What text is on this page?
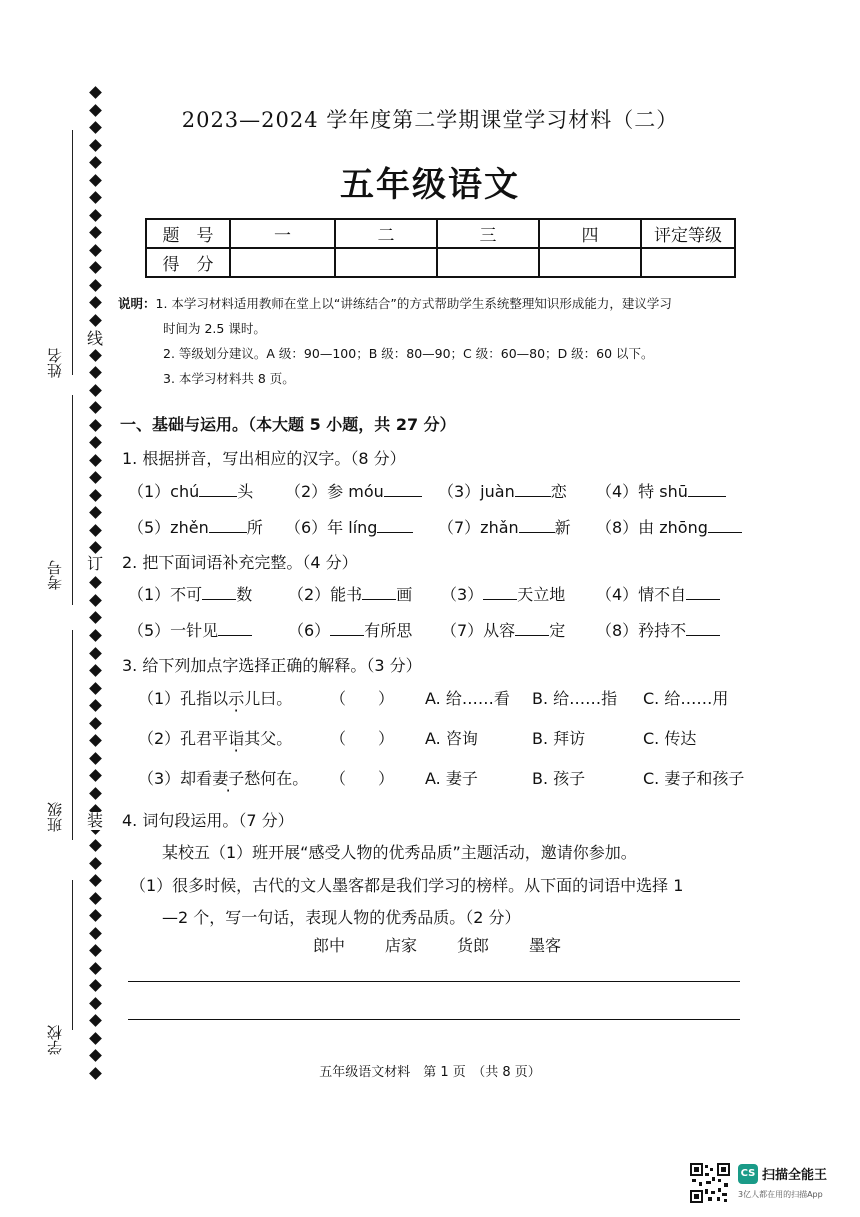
姓名
考号
班级
学校
线
订
装
2023—2024 学年度第二学期课堂学习材料（二）
五年级语文
题　号	一	二	三	四	评定等级
得　分					
说明：1. 本学习材料适用教师在堂上以“讲练结合”的方式帮助学生系统整理知识形成能力，建议学习
时间为 2.5 课时。
2. 等级划分建议。A 级：90—100；B 级：80—90；C 级：60—80；D 级：60 以下。
3. 本学习材料共 8 页。
一、基础与运用。（本大题 5 小题，共 27 分）
1. 根据拼音，写出相应的汉字。（8 分）
（1）chú 头 （2）参 móu	（3）juàn 恋 （4）特 shū
（5）zhěn 所 （6）年 líng	（7）zhǎn 新 （8）由 zhōng
2. 把下面词语补充完整。（4 分）
（1）不可 数 （2）能书 画 （3） 天立地 （4）情不自
（5）一针见	（6） 有所思 （7）从容 定 （8）矜持不
3. 给下列加点字选择正确的解释。（3 分）
（1）孔指以示儿曰。 （　　） A. 给……看 B. 给……指 C. 给……用
（2）孔君平诣其父。 （　　） A. 咨询	B. 拜访	C. 传达
（3）却看妻子愁何在。 （　　） A. 妻子	B. 孩子	C. 妻子和孩子
4. 词句段运用。（7 分）
某校五（1）班开展“感受人物的优秀品质”主题活动，邀请你参加。
（1）很多时候，古代的文人墨客都是我们学习的榜样。从下面的词语中选择 1
—2 个，写一句话，表现人物的优秀品质。（2 分）
郎中 店家 货郎 墨客
五年级语文材料　第 1 页　（共 8 页）
CS 扫描全能王
3亿人都在用的扫描App
